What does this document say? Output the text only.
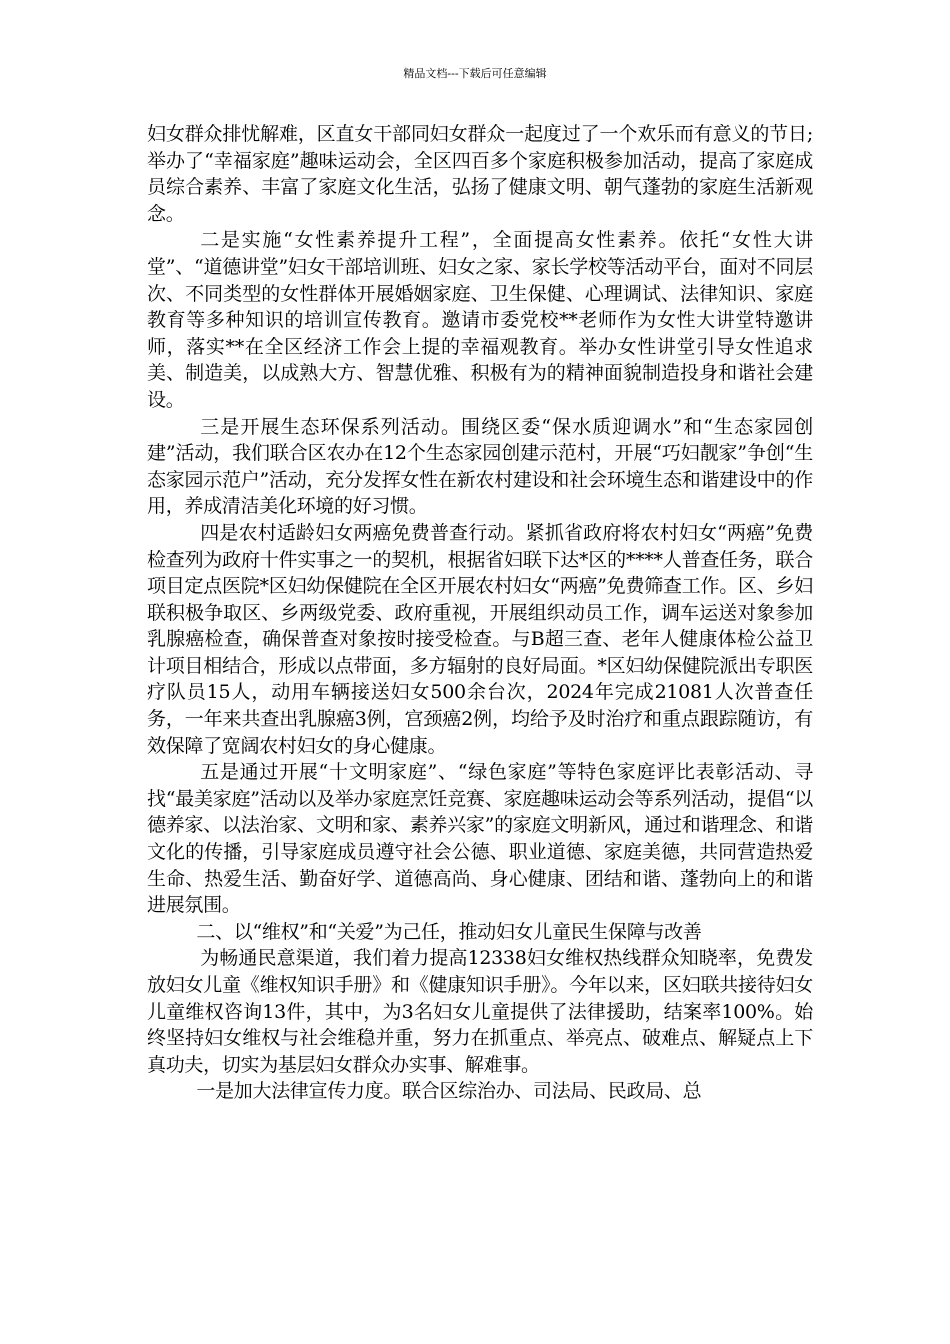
精品文档---下载后可任意编辑

妇女群众排忧解难，区直女干部同妇女群众一起度过了一个欢乐而有意义的节日;举办了“幸福家庭”趣味运动会，全区四百多个家庭积极参加活动，提高了家庭成员综合素养、丰富了家庭文化生活，弘扬了健康文明、朝气蓬勃的家庭生活新观念。

二是实施“女性素养提升工程”，全面提高女性素养。依托“女性大讲堂”、“道德讲堂”妇女干部培训班、妇女之家、家长学校等活动平台，面对不同层次、不同类型的女性群体开展婚姻家庭、卫生保健、心理调试、法律知识、家庭教育等多种知识的培训宣传教育。邀请市委党校**老师作为女性大讲堂特邀讲师，落实**在全区经济工作会上提的幸福观教育。举办女性讲堂引导女性追求美、制造美，以成熟大方、智慧优雅、积极有为的精神面貌制造投身和谐社会建设。

三是开展生态环保系列活动。围绕区委“保水质迎调水”和“生态家园创建”活动，我们联合区农办在12个生态家园创建示范村，开展“巧妇靓家”争创“生态家园示范户”活动，充分发挥女性在新农村建设和社会环境生态和谐建设中的作用，养成清洁美化环境的好习惯。

四是农村适龄妇女两癌免费普查行动。紧抓省政府将农村妇女“两癌”免费检查列为政府十件实事之一的契机，根据省妇联下达*区的****人普查任务，联合项目定点医院*区妇幼保健院在全区开展农村妇女“两癌”免费筛查工作。区、乡妇联积极争取区、乡两级党委、政府重视，开展组织动员工作，调车运送对象参加乳腺癌检查，确保普查对象按时接受检查。与B超三查、老年人健康体检公益卫计项目相结合，形成以点带面，多方辐射的良好局面。*区妇幼保健院派出专职医疗队员15人，动用车辆接送妇女500余台次，2024年完成21081人次普查任务，一年来共查出乳腺癌3例，宫颈癌2例，均给予及时治疗和重点跟踪随访，有效保障了宽阔农村妇女的身心健康。

五是通过开展“十文明家庭”、“绿色家庭”等特色家庭评比表彰活动、寻找“最美家庭”活动以及举办家庭烹饪竞赛、家庭趣味运动会等系列活动，提倡“以德养家、以法治家、文明和家、素养兴家”的家庭文明新风，通过和谐理念、和谐文化的传播，引导家庭成员遵守社会公德、职业道德、家庭美德，共同营造热爱生命、热爱生活、勤奋好学、道德高尚、身心健康、团结和谐、蓬勃向上的和谐进展氛围。

二、以“维权”和“关爱”为己任，推动妇女儿童民生保障与改善

为畅通民意渠道，我们着力提高12338妇女维权热线群众知晓率，免费发放妇女儿童《维权知识手册》和《健康知识手册》。今年以来，区妇联共接待妇女儿童维权咨询13件，其中，为3名妇女儿童提供了法律援助，结案率100%。始终坚持妇女维权与社会维稳并重，努力在抓重点、举亮点、破难点、解疑点上下真功夫，切实为基层妇女群众办实事、解难事。

一是加大法律宣传力度。联合区综治办、司法局、民政局、总
